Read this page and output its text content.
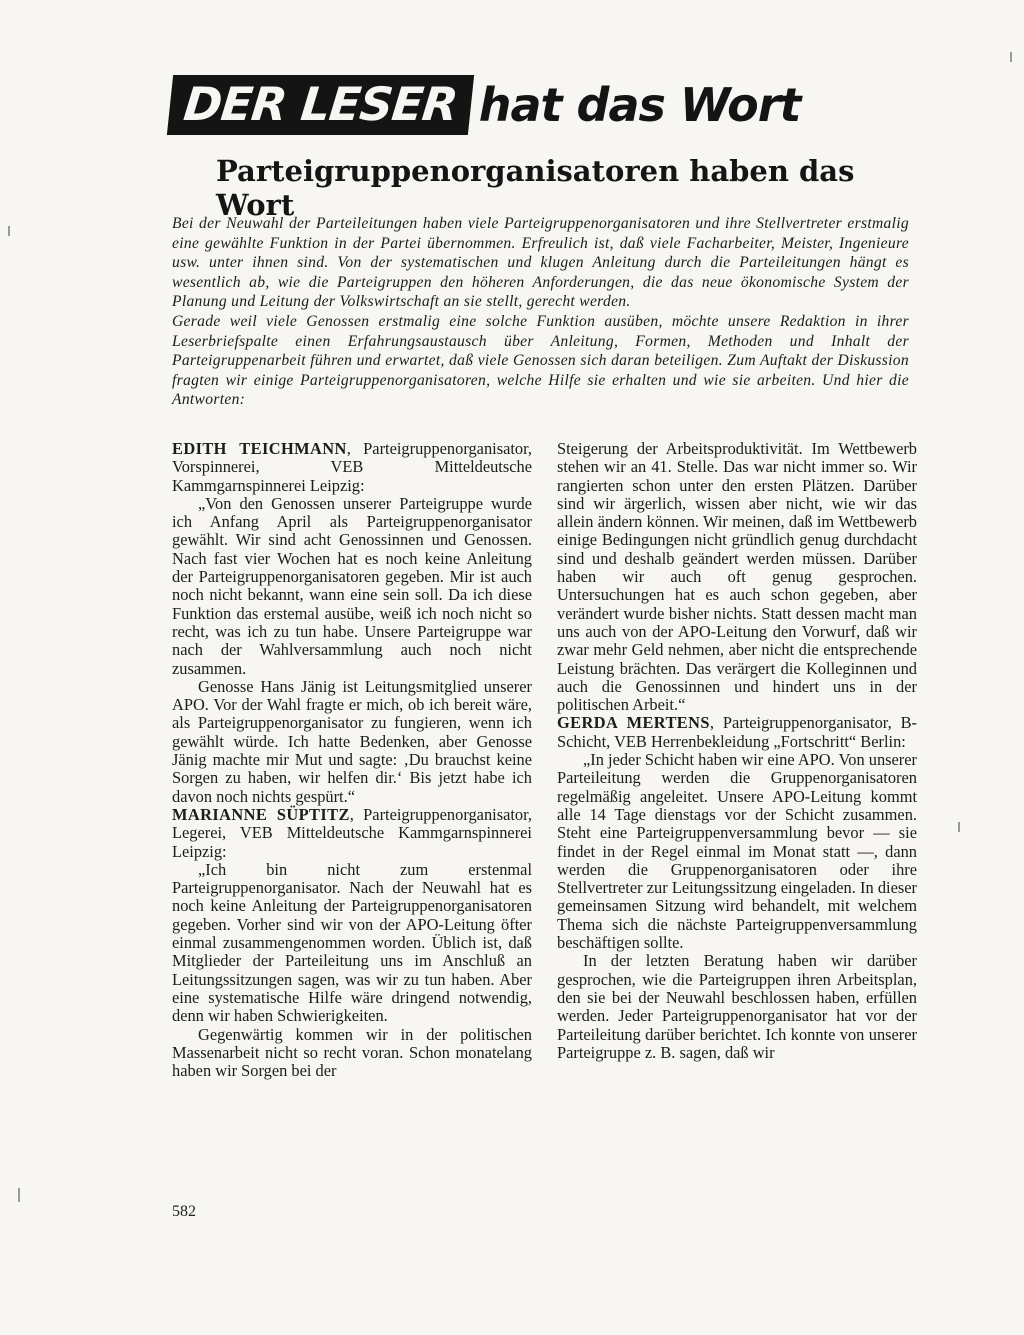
DER LESER hat das Wort
Parteigruppenorganisatoren haben das Wort

Bei der Neuwahl der Parteileitungen haben viele Parteigruppenorganisatoren und ihre Stellvertreter erstmalig eine gewählte Funktion in der Partei übernommen. Erfreulich ist, daß viele Facharbeiter, Meister, Ingenieure usw. unter ihnen sind. Von der systematischen und klugen Anleitung durch die Parteileitungen hängt es wesentlich ab, wie die Parteigruppen den höheren Anforderungen, die das neue ökonomische System der Planung und Leitung der Volkswirtschaft an sie stellt, gerecht werden.

Gerade weil viele Genossen erstmalig eine solche Funktion ausüben, möchte unsere Redaktion in ihrer Leserbriefspalte einen Erfahrungsaustausch über Anleitung, Formen, Methoden und Inhalt der Parteigruppenarbeit führen und erwartet, daß viele Genossen sich daran beteiligen. Zum Auftakt der Diskussion fragten wir einige Parteigruppenorganisatoren, welche Hilfe sie erhalten und wie sie arbeiten. Und hier die Antworten:

EDITH TEICHMANN, Parteigruppenorganisator, Vorspinnerei, VEB Mitteldeutsche Kammgarnspinnerei Leipzig:

„Von den Genossen unserer Parteigruppe wurde ich Anfang April als Parteigruppenorganisator gewählt. Wir sind acht Genossinnen und Genossen. Nach fast vier Wochen hat es noch keine Anleitung der Parteigruppenorganisatoren gegeben. Mir ist auch noch nicht bekannt, wann eine sein soll. Da ich diese Funktion das erstemal ausübe, weiß ich noch nicht so recht, was ich zu tun habe. Unsere Parteigruppe war nach der Wahlversammlung auch noch nicht zusammen.

Genosse Hans Jänig ist Leitungsmitglied unserer APO. Vor der Wahl fragte er mich, ob ich bereit wäre, als Parteigruppenorganisator zu fungieren, wenn ich gewählt würde. Ich hatte Bedenken, aber Genosse Jänig machte mir Mut und sagte: ‚Du brauchst keine Sorgen zu haben, wir helfen dir.‘ Bis jetzt habe ich davon noch nichts gespürt.“

MARIANNE SÜPTITZ, Parteigruppenorganisator, Legerei, VEB Mitteldeutsche Kammgarnspinnerei Leipzig:

„Ich bin nicht zum erstenmal Parteigruppenorganisator. Nach der Neuwahl hat es noch keine Anleitung der Parteigruppenorganisatoren gegeben. Vorher sind wir von der APO-Leitung öfter einmal zusammengenommen worden. Üblich ist, daß Mitglieder der Parteileitung uns im Anschluß an Leitungssitzungen sagen, was wir zu tun haben. Aber eine systematische Hilfe wäre dringend notwendig, denn wir haben Schwierigkeiten.

Gegenwärtig kommen wir in der politischen Massenarbeit nicht so recht voran. Schon monatelang haben wir Sorgen bei der

Steigerung der Arbeitsproduktivität. Im Wettbewerb stehen wir an 41. Stelle. Das war nicht immer so. Wir rangierten schon unter den ersten Plätzen. Darüber sind wir ärgerlich, wissen aber nicht, wie wir das allein ändern können. Wir meinen, daß im Wettbewerb einige Bedingungen nicht gründlich genug durchdacht sind und deshalb geändert werden müssen. Darüber haben wir auch oft genug gesprochen. Untersuchungen hat es auch schon gegeben, aber verändert wurde bisher nichts. Statt dessen macht man uns auch von der APO-Leitung den Vorwurf, daß wir zwar mehr Geld nehmen, aber nicht die entsprechende Leistung brächten. Das verärgert die Kolleginnen und auch die Genossinnen und hindert uns in der politischen Arbeit.“

GERDA MERTENS, Parteigruppenorganisator, B-Schicht, VEB Herrenbekleidung „Fortschritt“ Berlin:

„In jeder Schicht haben wir eine APO. Von unserer Parteileitung werden die Gruppenorganisatoren regelmäßig angeleitet. Unsere APO-Leitung kommt alle 14 Tage dienstags vor der Schicht zusammen. Steht eine Parteigruppenversammlung bevor — sie findet in der Regel einmal im Monat statt —, dann werden die Gruppenorganisatoren oder ihre Stellvertreter zur Leitungssitzung eingeladen. In dieser gemeinsamen Sitzung wird behandelt, mit welchem Thema sich die nächste Parteigruppenversammlung beschäftigen sollte.

In der letzten Beratung haben wir darüber gesprochen, wie die Parteigruppen ihren Arbeitsplan, den sie bei der Neuwahl beschlossen haben, erfüllen werden. Jeder Parteigruppenorganisator hat vor der Parteileitung darüber berichtet. Ich konnte von unserer Parteigruppe z. B. sagen, daß wir

582
